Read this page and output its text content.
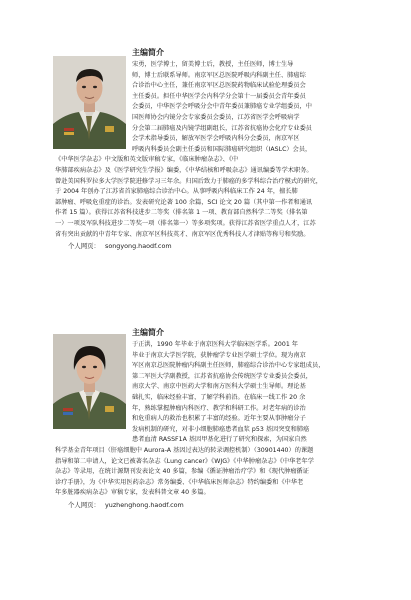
主编简介
宋勇，医学博士，留美博士后，教授，主任医师，博士生导
师，博士后联系导师。南京军区总医院呼吸内科副主任、肺癌综
合诊治中心主任，兼任南京军区总医院药物临床试验伦理委员会
主任委员。担任中华医学会内科学分会第十一届委员会青年委员
会委员，中华医学会呼吸分会中青年委员兼肺癌专业学组委员，中
国医师协会内镜分会专家委员会委员，江苏省医学会呼吸病学
分会第二届肺癌及内镜学组副组长，江苏省抗癌协会化疗专业委员
会学术指导委员，解放军医学会呼吸内科分会委员，南京军区
呼吸内科委员会副主任委员和国际肺癌研究组织（IASLC）会员，
《中华医学杂志》中文版和英文版审稿专家，《临床肿瘤杂志》、《中
华肺部疾病杂志》及《医学研究生学报》编委，《中华结核和呼吸杂志》通讯编委等学术职务。
曾赴美国科罗拉多大学医学院进修学习三年余。归国后致力于肺癌的多学科综合治疗模式的研究，
于 2004 年创办了江苏省首家肺癌综合诊治中心。从事呼吸内科临床工作 24 年，擅长肺
部肿瘤、呼吸危重症的诊治。发表研究论著 100 余篇，SCI 论文 20 篇（其中第一作者和通讯
作者 15 篇）。获得江苏省科技进步二等奖（排名第 1 一项、教育部自然科学二等奖（排名第
一）一项及军队科技进步二等奖一项（排名第一）等多项奖项。获得江苏省医学重点人才，江苏
省有突出贡献的中青年专家、南京军区科技英才、南京军区优秀科技人才津贴等称号和奖励。
个人网页： songyong.haodf.com
主编简介
于正洪，1990 年毕业于南京医科大学临床医学系。2001 年
毕业于南京大学医学院，获肿瘤学专业医学硕士学位。现为南京
军区南京总医院肿瘤内科副主任医师，肺癌综合诊治中心专家组成员，
第二军医大学副教授，江苏省抗癌协会传统医学专业委员会委员，
南京大学、南京中医药大学和南方医科大学硕士生导师。理论基
础扎实，临床经验丰富，了解学科前沿。在临床一线工作 20 余
年，熟练掌握肿瘤内科医疗、教学和科研工作。对老年病的诊治
和危重病人的救治也积累了丰富的经验。近年主要从事肿瘤分子
发病机制的研究，对非小细胞肺癌患者血浆 p53 基因突变和肺癌
患者血清 RASSF1A 基因甲基化进行了研究和探索，为国家自然
科学基金青年项目（肝癌细胞中 Aurora-A 基因过表达的转录调控机制）（30901440）的课题
指导和第二申请人，论文已被著名杂志《Lung cancer》《WJG》《中华肿瘤杂志》《中华老年学
杂志》等录用，在统计源期刊发表论文 40 多篇，参编《循证肿瘤治疗学》和《现代肿瘤循证
诊疗手册》，为《中华实用医药杂志》常务编委、《中华临床医师杂志》特约编委和《中华老
年多脏器疾病杂志》审稿专家，发表科普文章 40 多篇。
个人网页： yuzhenghong.haodf.com
